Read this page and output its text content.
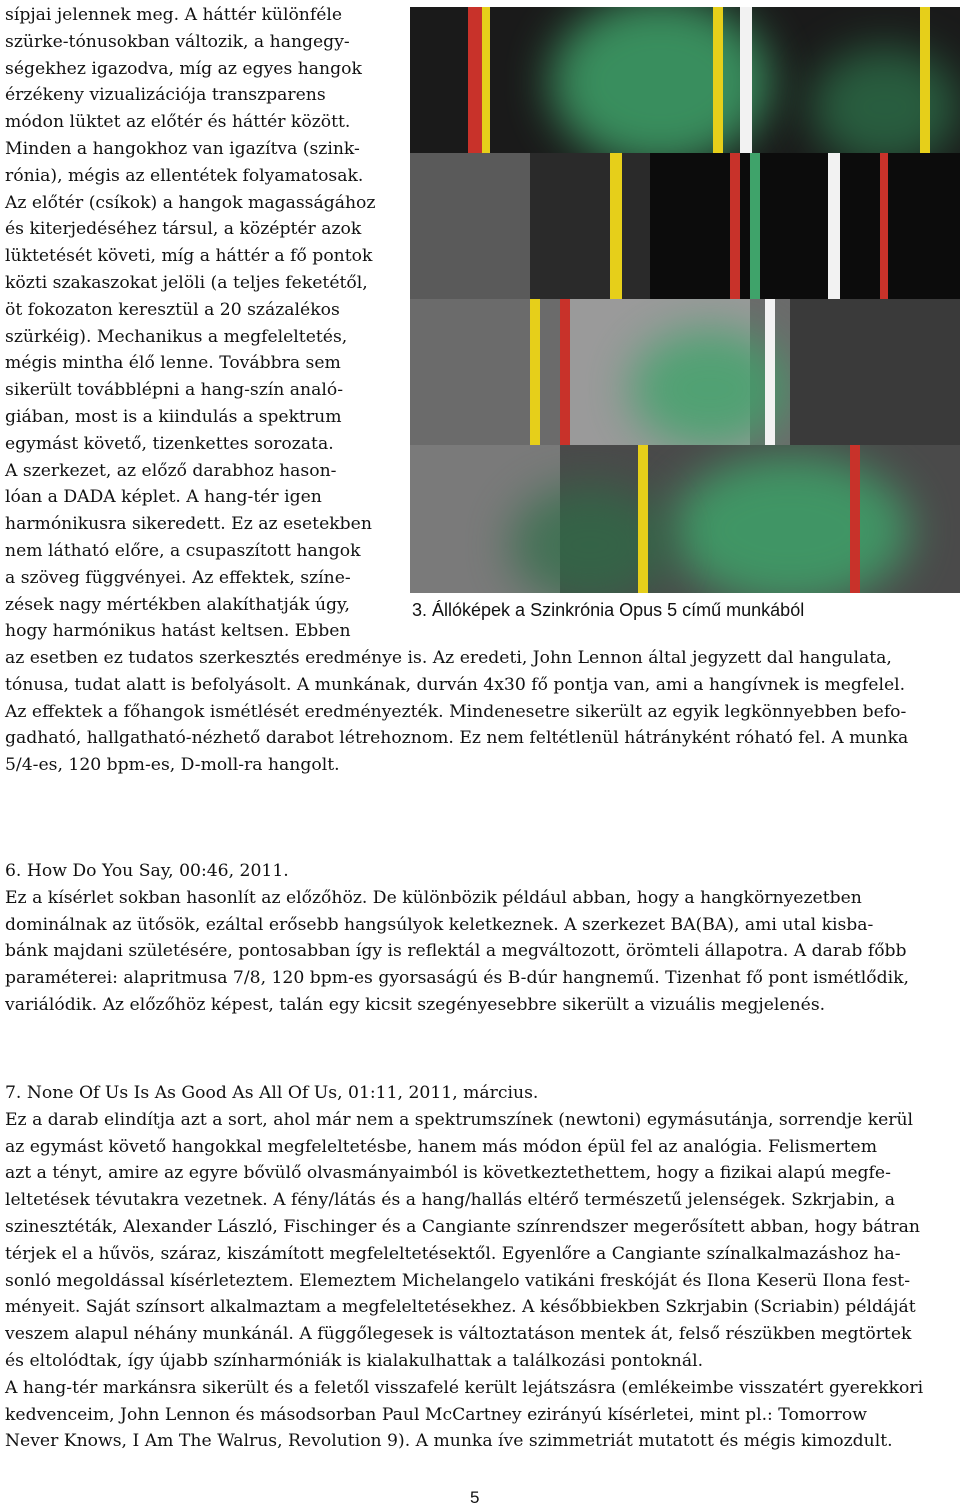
sípjai jelennek meg. A háttér különféle
szürke-tónusokban változik, a hangegy-
ségekhez igazodva, míg az egyes hangok
érzékeny vizualizációja transzparens
módon lüktet az előtér és háttér között.
Minden a hangokhoz van igazítva (szink-
rónia), mégis az ellentétek folyamatosak.
Az előtér (csíkok) a hangok magasságához
és kiterjedéséhez társul, a középtér azok
lüktetését követi, míg a háttér a fő pontok
közti szakaszokat jelöli (a teljes feketétől,
öt fokozaton keresztül a 20 százalékos
szürkéig). Mechanikus a megfeleltetés,
mégis mintha élő lenne. Továbbra sem
sikerült továbblépni a hang-szín analó-
giában, most is a kiindulás a spektrum
egymást követő, tizenkettes sorozata.
A szerkezet, az előző darabhoz hason-
lóan a DADA képlet. A hang-tér igen
harmónikusra sikeredett. Ez az esetekben
nem látható előre, a csupaszított hangok
a szöveg függvényei. Az effektek, színe-
zések nagy mértékben alakíthatják úgy,
hogy harmónikus hatást keltsen. Ebben
3. Állóképek a Szinkrónia Opus 5 című munkából
az esetben ez tudatos szerkesztés eredménye is. Az eredeti, John Lennon által jegyzett dal hangulata,
tónusa, tudat alatt is befolyásolt. A munkának, durván 4x30 fő pontja van, ami a hangívnek is megfelel.
Az effektek a főhangok ismétlését eredményezték. Mindenesetre sikerült az egyik legkönnyebben befo-
gadható, hallgatható-nézhető darabot létrehoznom. Ez nem feltétlenül hátrányként róható fel. A munka
5/4-es, 120 bpm-es, D-moll-ra hangolt.
6. How Do You Say, 00:46, 2011.
Ez a kísérlet sokban hasonlít az előzőhöz. De különbözik például abban, hogy a hangkörnyezetben
dominálnak az ütősök, ezáltal erősebb hangsúlyok keletkeznek. A szerkezet BA(BA), ami utal kisba-
bánk majdani születésére, pontosabban így is reflektál a megváltozott, örömteli állapotra. A darab főbb
paraméterei: alapritmusa 7/8, 120 bpm-es gyorsaságú és B-dúr hangnemű. Tizenhat fő pont ismétlődik,
variálódik. Az előzőhöz képest, talán egy kicsit szegényesebbre sikerült a vizuális megjelenés.
7. None Of Us Is As Good As All Of Us, 01:11, 2011, március.
Ez a darab elindítja azt a sort, ahol már nem a spektrumszínek (newtoni) egymásutánja, sorrendje kerül
az egymást követő hangokkal megfeleltetésbe, hanem más módon épül fel az analógia. Felismertem
azt a tényt, amire az egyre bővülő olvasmányaimból is következtethettem, hogy a fizikai alapú megfe-
leltetések tévutakra vezetnek. A fény/látás és a hang/hallás eltérő természetű jelenségek. Szkrjabin, a
szinesztéták, Alexander László, Fischinger és a Cangiante színrendszer megerősített abban, hogy bátran
térjek el a hűvös, száraz, kiszámított megfeleltetésektől. Egyenlőre a Cangiante színalkalmazáshoz ha-
sonló megoldással kísérleteztem. Elemeztem Michelangelo vatikáni freskóját és Ilona Keserü Ilona fest-
ményeit. Saját színsort alkalmaztam a megfeleltetésekhez. A későbbiekben Szkrjabin (Scriabin) példáját
veszem alapul néhány munkánál. A függőlegesek is változtatáson mentek át, felső részükben megtörtek
és eltolódtak, így újabb színharmóniák is kialakulhattak a találkozási pontoknál.
A hang-tér markánsra sikerült és a feletől visszafelé került lejátszásra (emlékeimbe visszatért gyerekkori
kedvenceim, John Lennon és másodsorban Paul McCartney ezirányú kísérletei, mint pl.: Tomorrow
Never Knows, I Am The Walrus, Revolution 9). A munka íve szimmetriát mutatott és mégis kimozdult.
5
